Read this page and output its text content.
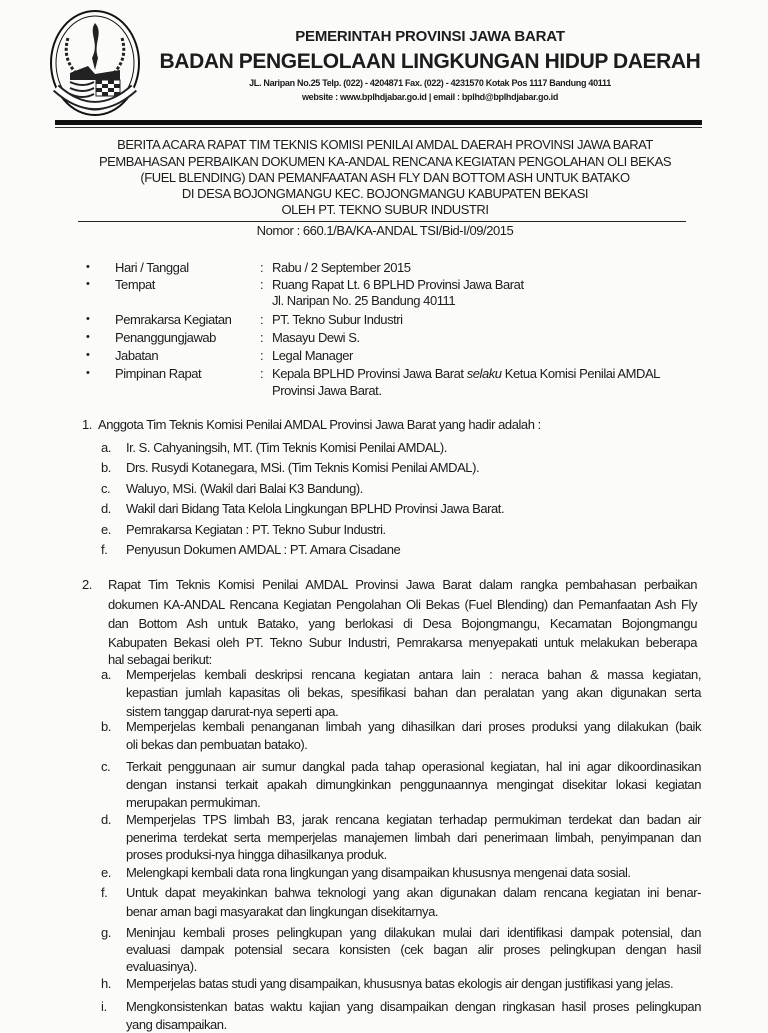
PEMERINTAH PROVINSI JAWA BARAT
BADAN PENGELOLAAN LINGKUNGAN HIDUP DAERAH
JL. Naripan No.25 Telp. (022) - 4204871 Fax. (022) - 4231570 Kotak Pos 1117 Bandung 40111
website : www.bplhdjabar.go.id | email : bplhd@bplhdjabar.go.id
BERITA ACARA RAPAT TIM TEKNIS KOMISI PENILAI AMDAL DAERAH PROVINSI JAWA BARAT
PEMBAHASAN PERBAIKAN DOKUMEN KA-ANDAL RENCANA KEGIATAN PENGOLAHAN OLI BEKAS
(FUEL BLENDING) DAN PEMANFAATAN ASH FLY DAN BOTTOM ASH UNTUK BATAKO
DI DESA BOJONGMANGU KEC. BOJONGMANGU KABUPATEN BEKASI
OLEH PT. TEKNO SUBUR INDUSTRI
Nomor : 660.1/BA/KA-ANDAL TSI/Bid-I/09/2015
•	Hari / Tanggal	: Rabu / 2 September 2015
•	Tempat	: Ruang Rapat Lt. 6 BPLHD Provinsi Jawa Barat
Jl. Naripan No. 25 Bandung 40111
•	Pemrakarsa Kegiatan	: PT. Tekno Subur Industri
•	Penanggungjawab	: Masayu Dewi S.
•	Jabatan	: Legal Manager
•	Pimpinan Rapat	: Kepala BPLHD Provinsi Jawa Barat selaku Ketua Komisi Penilai AMDAL
Provinsi Jawa Barat.
1. Anggota Tim Teknis Komisi Penilai AMDAL Provinsi Jawa Barat yang hadir adalah :
a.	Ir. S. Cahyaningsih, MT. (Tim Teknis Komisi Penilai AMDAL).
b.	Drs. Rusydi Kotanegara, MSi. (Tim Teknis Komisi Penilai AMDAL).
c.	Waluyo, MSi. (Wakil dari Balai K3 Bandung).
d.	Wakil dari Bidang Tata Kelola Lingkungan BPLHD Provinsi Jawa Barat.
e.	Pemrakarsa Kegiatan : PT. Tekno Subur Industri.
f.	Penyusun Dokumen AMDAL : PT. Amara Cisadane
2.	Rapat Tim Teknis Komisi Penilai AMDAL Provinsi Jawa Barat dalam rangka pembahasan perbaikan
dokumen KA-ANDAL Rencana Kegiatan Pengolahan Oli Bekas (Fuel Blending) dan Pemanfaatan Ash Fly
dan Bottom Ash untuk Batako, yang berlokasi di Desa Bojongmangu, Kecamatan Bojongmangu
Kabupaten Bekasi oleh PT. Tekno Subur Industri, Pemrakarsa menyepakati untuk melakukan beberapa
hal sebagai berikut:
a.	Memperjelas kembali deskripsi rencana kegiatan antara lain : neraca bahan & massa kegiatan,
kepastian jumlah kapasitas oli bekas, spesifikasi bahan dan peralatan yang akan digunakan serta
sistem tanggap darurat-nya seperti apa.
b.	Memperjelas kembali penanganan limbah yang dihasilkan dari proses produksi yang dilakukan (baik
oli bekas dan pembuatan batako).
c.	Terkait penggunaan air sumur dangkal pada tahap operasional kegiatan, hal ini agar dikoordinasikan
dengan instansi terkait apakah dimungkinkan penggunaannya mengingat disekitar lokasi kegiatan
merupakan permukiman.
d.	Memperjelas TPS limbah B3, jarak rencana kegiatan terhadap permukiman terdekat dan badan air
penerima terdekat serta memperjelas manajemen limbah dari penerimaan limbah, penyimpanan dan
proses produksi-nya hingga dihasilkanya produk.
e.	Melengkapi kembali data rona lingkungan yang disampaikan khususnya mengenai data sosial.
f.	Untuk dapat meyakinkan bahwa teknologi yang akan digunakan dalam rencana kegiatan ini benar-
benar aman bagi masyarakat dan lingkungan disekitarnya.
g.	Meninjau kembali proses pelingkupan yang dilakukan mulai dari identifikasi dampak potensial, dan
evaluasi dampak potensial secara konsisten (cek bagan alir proses pelingkupan dengan hasil
evaluasinya).
h.	Memperjelas batas studi yang disampaikan, khususnya batas ekologis air dengan justifikasi yang jelas.
i.	Mengkonsistenkan batas waktu kajian yang disampaikan dengan ringkasan hasil proses pelingkupan
yang disampaikan.
